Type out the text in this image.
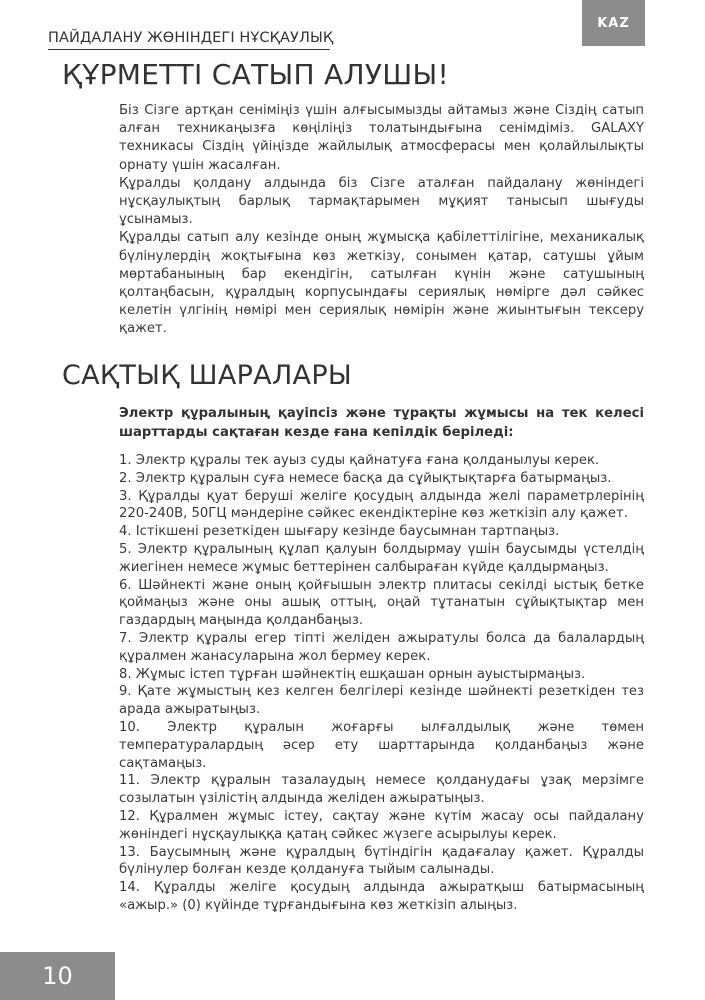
KAZ
ПАЙДАЛАНУ ЖӨНІНДЕГІ НҰСҚАУЛЫҚ
ҚҰРМЕТТІ САТЫП АЛУШЫ!

Біз Сізге артқан сеніміңіз үшін алғысымызды айтамыз және Сіздің сатып алған техникаңызға көңіліңіз толатындығына сенімдіміз. GALAXY техникасы Сіздің үйіңізде жайлылық атмосферасы мен қолайлылықты орнату үшін жасалған.

Құралды қолдану алдында біз Сізге аталған пайдалану жөніндегі нұсқаулықтың барлық тармақтарымен мұқият танысып шығуды ұсынамыз.

Құралды сатып алу кезінде оның жұмысқа қабілеттілігіне, механикалық бүлінулердің жоқтығына көз жеткізу, сонымен қатар, сатушы ұйым мөртабанының бар екендігін, сатылған күнін және сатушының қолтаңбасын, құралдың корпусындағы сериялық нөмірге дәл сәйкес келетін үлгінің нөмірі мен сериялық нөмірін және жиынтығын тексеру қажет.

САҚТЫҚ ШАРАЛАРЫ
Электр құралының қауіпсіз және тұрақты жұмысы на тек келесі шарттарды сақтаған кезде ғана кепілдік беріледі:

1. Электр құралы тек ауыз суды қайнатуға ғана қолданылуы керек.

2. Электр құралын суға немесе басқа да сұйықтықтарға батырмаңыз.

3. Құралды қуат беруші желіге қосудың алдында желі параметрлерінің 220-240В, 50ГЦ мәндеріне сәйкес екендіктеріне көз жеткізіп алу қажет.

4. Істікшені резеткіден шығару кезінде баусымнан тартпаңыз.

5. Электр құралының құлап қалуын болдырмау үшін баусымды үстелдің жиегінен немесе жұмыс беттерінен салбыраған күйде қалдырмаңыз.

6. Шәйнекті және оның қойғышын электр плитасы секілді ыстық бетке қоймаңыз және оны ашық оттың, оңай тұтанатын сұйықтықтар мен газдардың маңында қолданбаңыз.

7. Электр құралы егер тіпті желіден ажыратулы болса да балалардың құралмен жанасуларына жол бермеу керек.

8. Жұмыс істеп тұрған шәйнектің ешқашан орнын ауыстырмаңыз.

9. Қате жұмыстың кез келген белгілері кезінде шәйнекті резеткіден тез арада ажыратыңыз.

10. Электр құралын жоғарғы ылғалдылық және төмен температуралардың әсер ету шарттарында қолданбаңыз және сақтамаңыз.

11. Электр құралын тазалаудың немесе қолданудағы ұзақ мерзімге созылатын үзілістің алдында желіден ажыратыңыз.

12. Құралмен жұмыс істеу, сақтау және күтім жасау осы пайдалану жөніндегі нұсқаулыққа қатаң сәйкес жүзеге асырылуы керек.

13. Баусымның және құралдың бүтіндігін қадағалау қажет. Құралды бүлінулер болған кезде қолдануға тыйым салынады.

14. Құралды желіге қосудың алдында ажыратқыш батырмасының «ажыр.» (0) күйінде тұрғандығына көз жеткізіп алыңыз.

10
